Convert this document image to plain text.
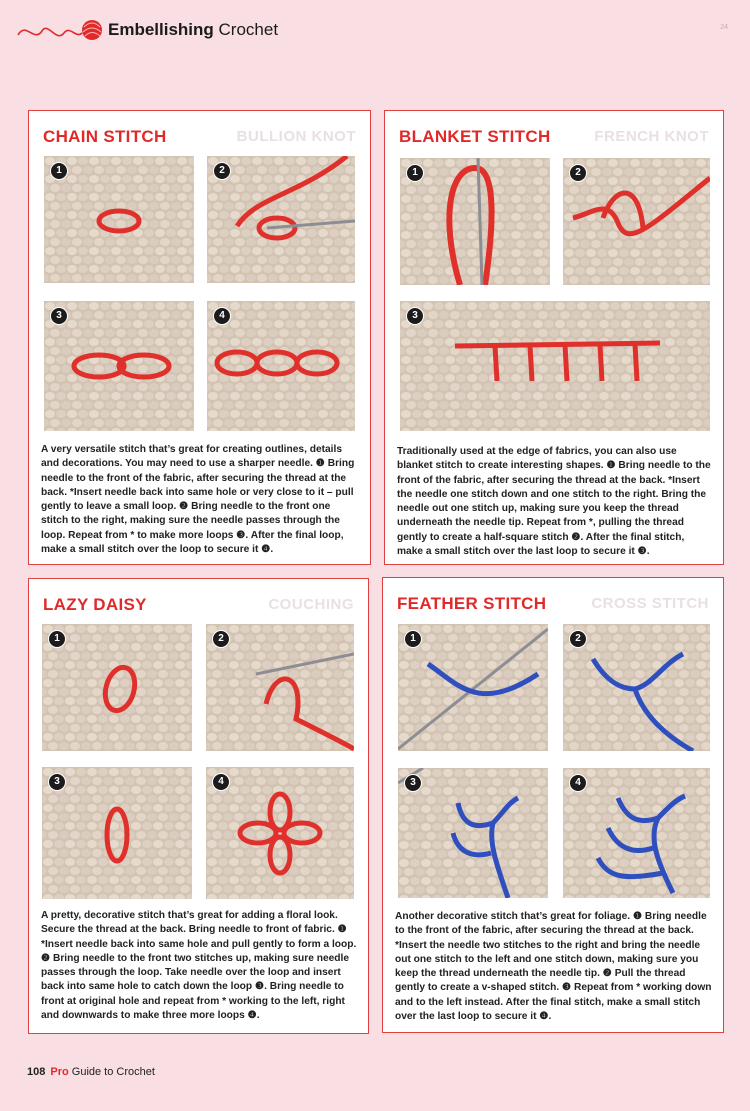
Embellishing Crochet	24
BULLION KNOT
CHAIN STITCH
1	2
3	4
A very versatile stitch that’s great for creating outlines, details and decorations. You may need to use a sharper needle. ❶ Bring needle to the front of the fabric, after securing the thread at the back. *Insert needle back into same hole or very close to it – pull gently to leave a small loop. ❷ Bring needle to the front one stitch to the right, making sure the needle passes through the loop. Repeat from * to make more loops ❸. After the final loop, make a small stitch over the loop to secure it ❹.
FRENCH KNOT
BLANKET STITCH
1	2
3
Traditionally used at the edge of fabrics, you can also use blanket stitch to create interesting shapes. ❶ Bring needle to the front of the fabric, after securing the thread at the back. *Insert the needle one stitch down and one stitch to the right. Bring the needle out one stitch up, making sure you keep the thread underneath the needle tip. Repeat from *, pulling the thread gently to create a half-square stitch ❷. After the final stitch, make a small stitch over the last loop to secure it ❸.
COUCHING
LAZY DAISY
1	2
3	4
A pretty, decorative stitch that’s great for adding a floral look. Secure the thread at the back. Bring needle to front of fabric. ❶ *Insert needle back into same hole and pull gently to form a loop. ❷ Bring needle to the front two stitches up, making sure needle passes through the loop. Take needle over the loop and insert back into same hole to catch down the loop ❸. Bring needle to front at original hole and repeat from * working to the left, right and downwards to make three more loops ❹.
CROSS STITCH
FEATHER STITCH
1	2
3	4
Another decorative stitch that’s great for foliage. ❶ Bring needle to the front of the fabric, after securing the thread at the back. *Insert the needle two stitches to the right and bring the needle out one stitch to the left and one stitch down, making sure you keep the thread underneath the needle tip. ❷ Pull the thread gently to create a v-shaped stitch. ❸ Repeat from * working down and to the left instead. After the final stitch, make a small stitch over the last loop to secure it ❹.
108 Pro Guide to Crochet
